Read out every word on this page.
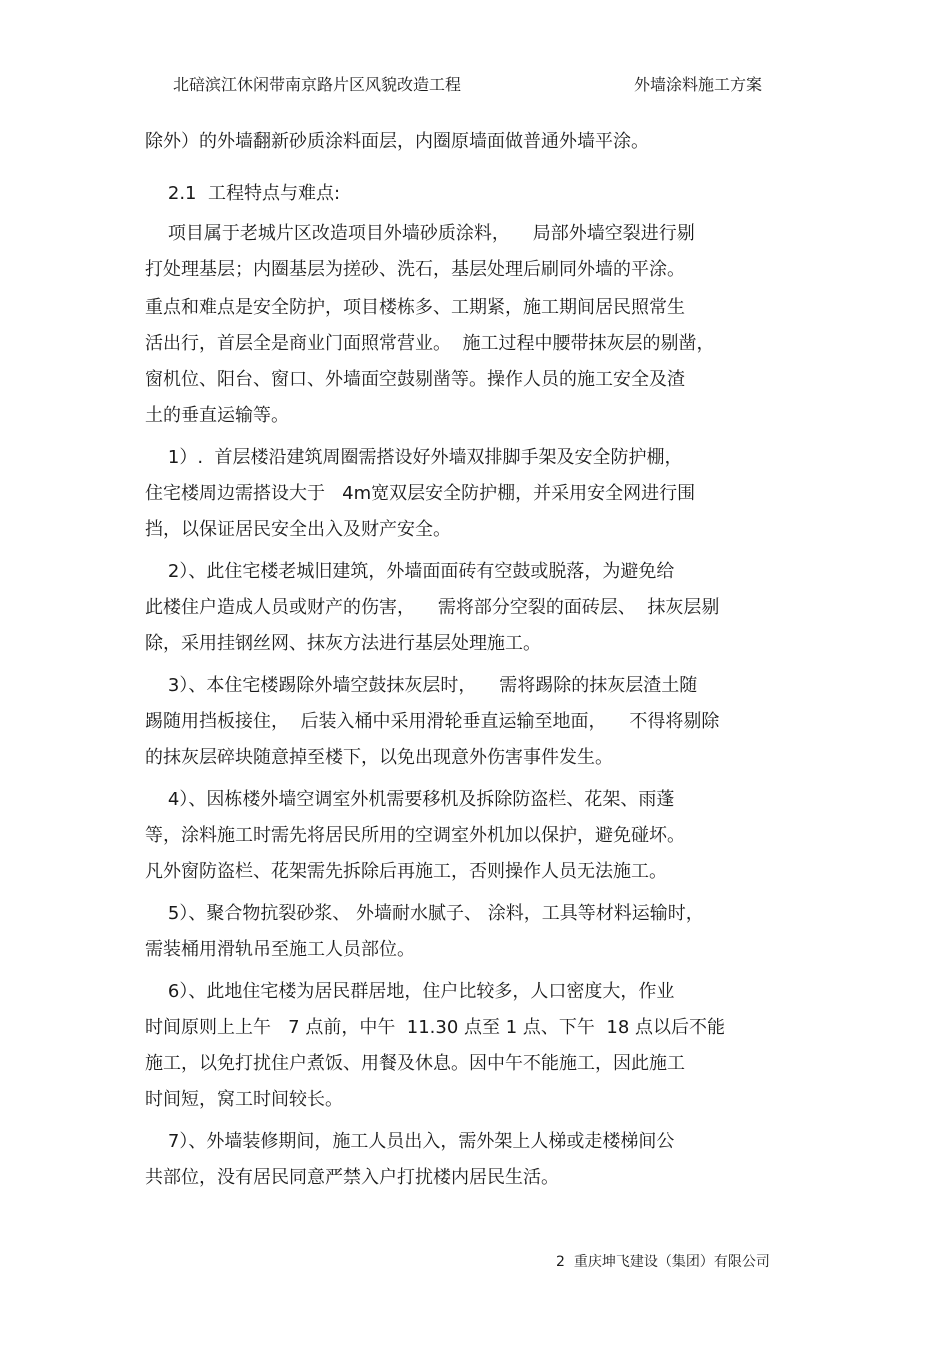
北碚滨江休闲带南京路片区风貌改造工程	外墙涂料施工方案
除外）的外墙翻新砂质涂料面层，内圈原墙面做普通外墙平涂。
2.1  工程特点与难点:
项目属于老城片区改造项目外墙砂质涂料，    局部外墙空裂进行剔
打处理基层；内圈基层为搓砂、洗石，基层处理后刷同外墙的平涂。
重点和难点是安全防护，项目楼栋多、工期紧，施工期间居民照常生
活出行，首层全是商业门面照常营业。  施工过程中腰带抹灰层的剔凿，
窗机位、阳台、窗口、外墙面空鼓剔凿等。操作人员的施工安全及渣
土的垂直运输等。
1）.  首层楼沿建筑周圈需搭设好外墙双排脚手架及安全防护棚，
住宅楼周边需搭设大于   4m宽双层安全防护棚，并采用安全网进行围
挡，以保证居民安全出入及财产安全。
2）、此住宅楼老城旧建筑，外墙面面砖有空鼓或脱落，为避免给
此楼住户造成人员或财产的伤害，    需将部分空裂的面砖层、  抹灰层剔
除，采用挂钢丝网、抹灰方法进行基层处理施工。
3）、本住宅楼踢除外墙空鼓抹灰层时，    需将踢除的抹灰层渣土随
踢随用挡板接住，  后装入桶中采用滑轮垂直运输至地面，    不得将剔除
的抹灰层碎块随意掉至楼下，以免出现意外伤害事件发生。
4）、因栋楼外墙空调室外机需要移机及拆除防盗栏、花架、雨蓬
等，涂料施工时需先将居民所用的空调室外机加以保护，避免碰坏。
凡外窗防盗栏、花架需先拆除后再施工，否则操作人员无法施工。
5）、聚合物抗裂砂浆、 外墙耐水腻子、 涂料，工具等材料运输时，
需装桶用滑轨吊至施工人员部位。
6）、此地住宅楼为居民群居地，住户比较多，人口密度大，作业
时间原则上上午   7 点前，中午  11.30 点至 1 点、下午  18 点以后不能
施工，以免打扰住户煮饭、用餐及休息。因中午不能施工，因此施工
时间短，窝工时间较长。
7）、外墙装修期间，施工人员出入，需外架上人梯或走楼梯间公
共部位，没有居民同意严禁入户打扰楼内居民生活。
2 重庆坤飞建设（集团）有限公司
